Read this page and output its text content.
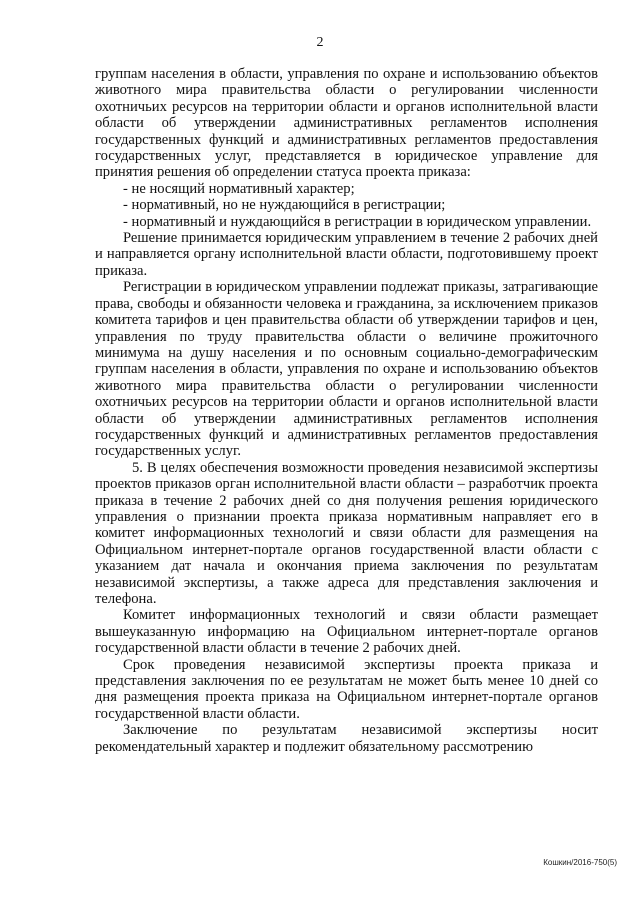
2

группам населения в области, управления по охране и использованию объектов животного мира правительства области о регулировании численности охотничьих ресурсов на территории области и органов исполнительной власти области об утверждении административных регламентов исполнения государственных функций и административных регламентов предоставления государственных услуг, представляется в юридическое управление для принятия решения об определении статуса проекта приказа:

- не носящий нормативный характер;

- нормативный, но не нуждающийся в регистрации;

- нормативный и нуждающийся в регистрации в юридическом управлении.

Решение принимается юридическим управлением в течение 2 рабочих дней и направляется органу исполнительной власти области, подготовившему проект приказа.

Регистрации в юридическом управлении подлежат приказы, затрагивающие права, свободы и обязанности человека и гражданина, за исключением приказов комитета тарифов и цен правительства области об утверждении тарифов и цен, управления по труду правительства области о величине прожиточного минимума на душу населения и по основным социально-демографическим группам населения в области, управления по охране и использованию объектов животного мира правительства области о регулировании численности охотничьих ресурсов на территории области и органов исполнительной власти области об утверждении административных регламентов исполнения государственных функций и административных регламентов предоставления государственных услуг.

5. В целях обеспечения возможности проведения независимой экспертизы проектов приказов орган исполнительной власти области – разработчик проекта приказа в течение 2 рабочих дней со дня получения решения юридического управления о признании проекта приказа нормативным направляет его в комитет информационных технологий и связи области для размещения на Официальном интернет-портале органов государственной власти области с указанием дат начала и окончания приема заключения по результатам независимой экспертизы, а также адреса для представления заключения и телефона.

Комитет информационных технологий и связи области размещает вышеуказанную информацию на Официальном интернет-портале органов государственной власти области в течение 2 рабочих дней.

Срок проведения независимой экспертизы проекта приказа и представления заключения по ее результатам не может быть менее 10 дней со дня размещения проекта приказа на Официальном интернет-портале органов государственной власти области.

Заключение по результатам независимой экспертизы носит рекомендательный характер и подлежит обязательному рассмотрению

Кошкин/2016-750(5)
